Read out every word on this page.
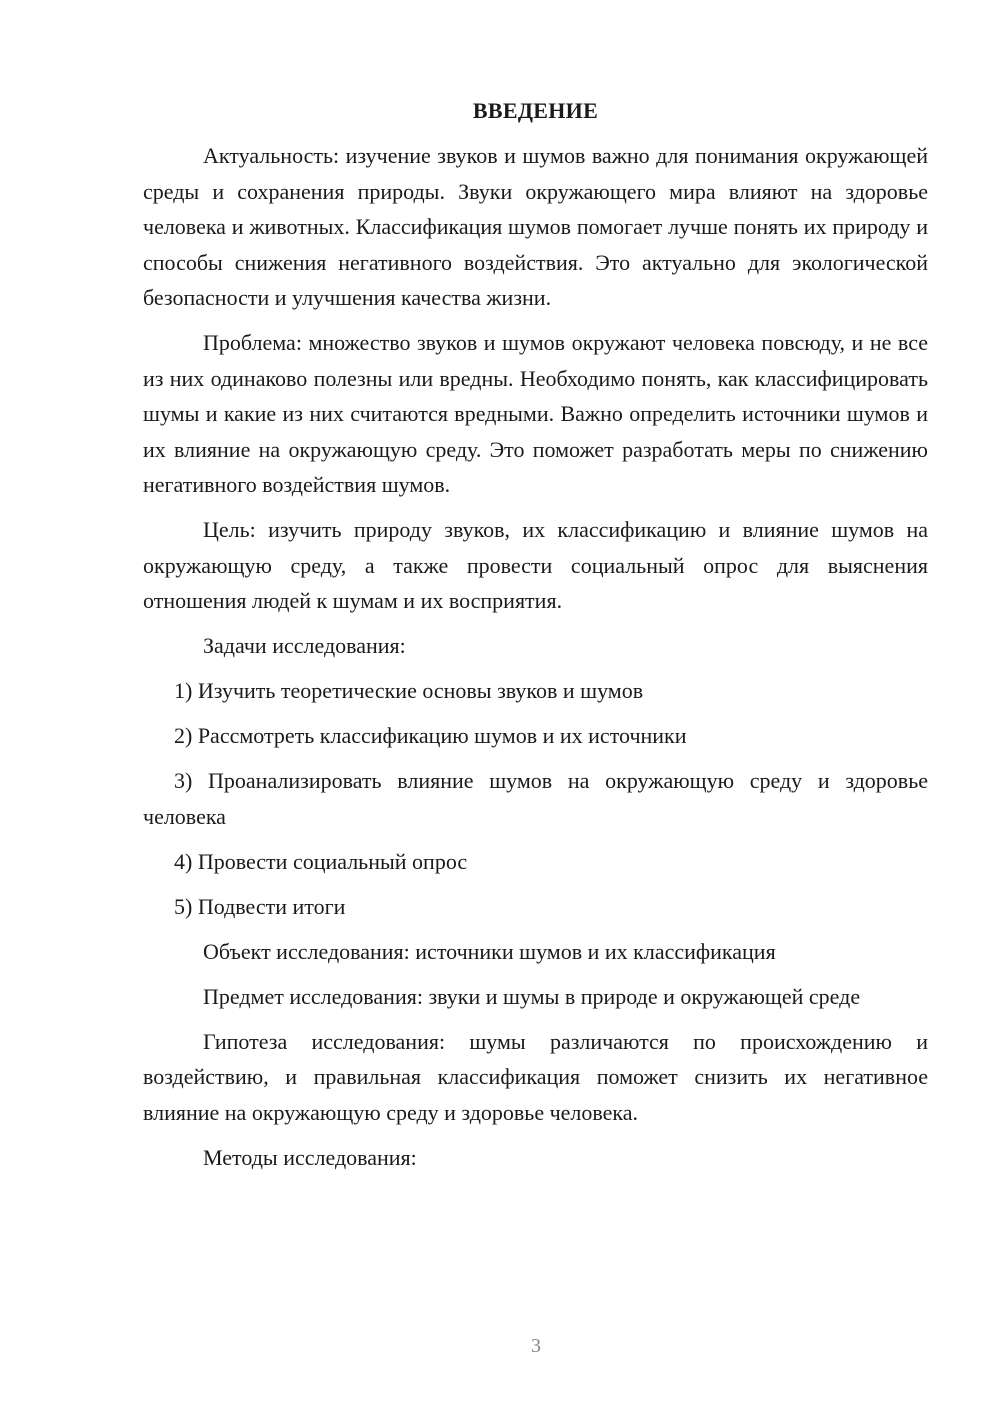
ВВЕДЕНИЕ

Актуальность: изучение звуков и шумов важно для понимания окружающей среды и сохранения природы. Звуки окружающего мира влияют на здоровье человека и животных. Классификация шумов помогает лучше понять их природу и способы снижения негативного воздействия. Это актуально для экологической безопасности и улучшения качества жизни.

Проблема: множество звуков и шумов окружают человека повсюду, и не все из них одинаково полезны или вредны. Необходимо понять, как классифицировать шумы и какие из них считаются вредными. Важно определить источники шумов и их влияние на окружающую среду. Это поможет разработать меры по снижению негативного воздействия шумов.

Цель: изучить природу звуков, их классификацию и влияние шумов на окружающую среду, а также провести социальный опрос для выяснения отношения людей к шумам и их восприятия.

Задачи исследования:

1) Изучить теоретические основы звуков и шумов

2) Рассмотреть классификацию шумов и их источники

3) Проанализировать влияние шумов на окружающую среду и здоровье человека

4) Провести социальный опрос

5) Подвести итоги

Объект исследования: источники шумов и их классификация

Предмет исследования: звуки и шумы в природе и окружающей среде

Гипотеза исследования: шумы различаются по происхождению и воздействию, и правильная классификация поможет снизить их негативное влияние на окружающую среду и здоровье человека.

Методы исследования:

3
